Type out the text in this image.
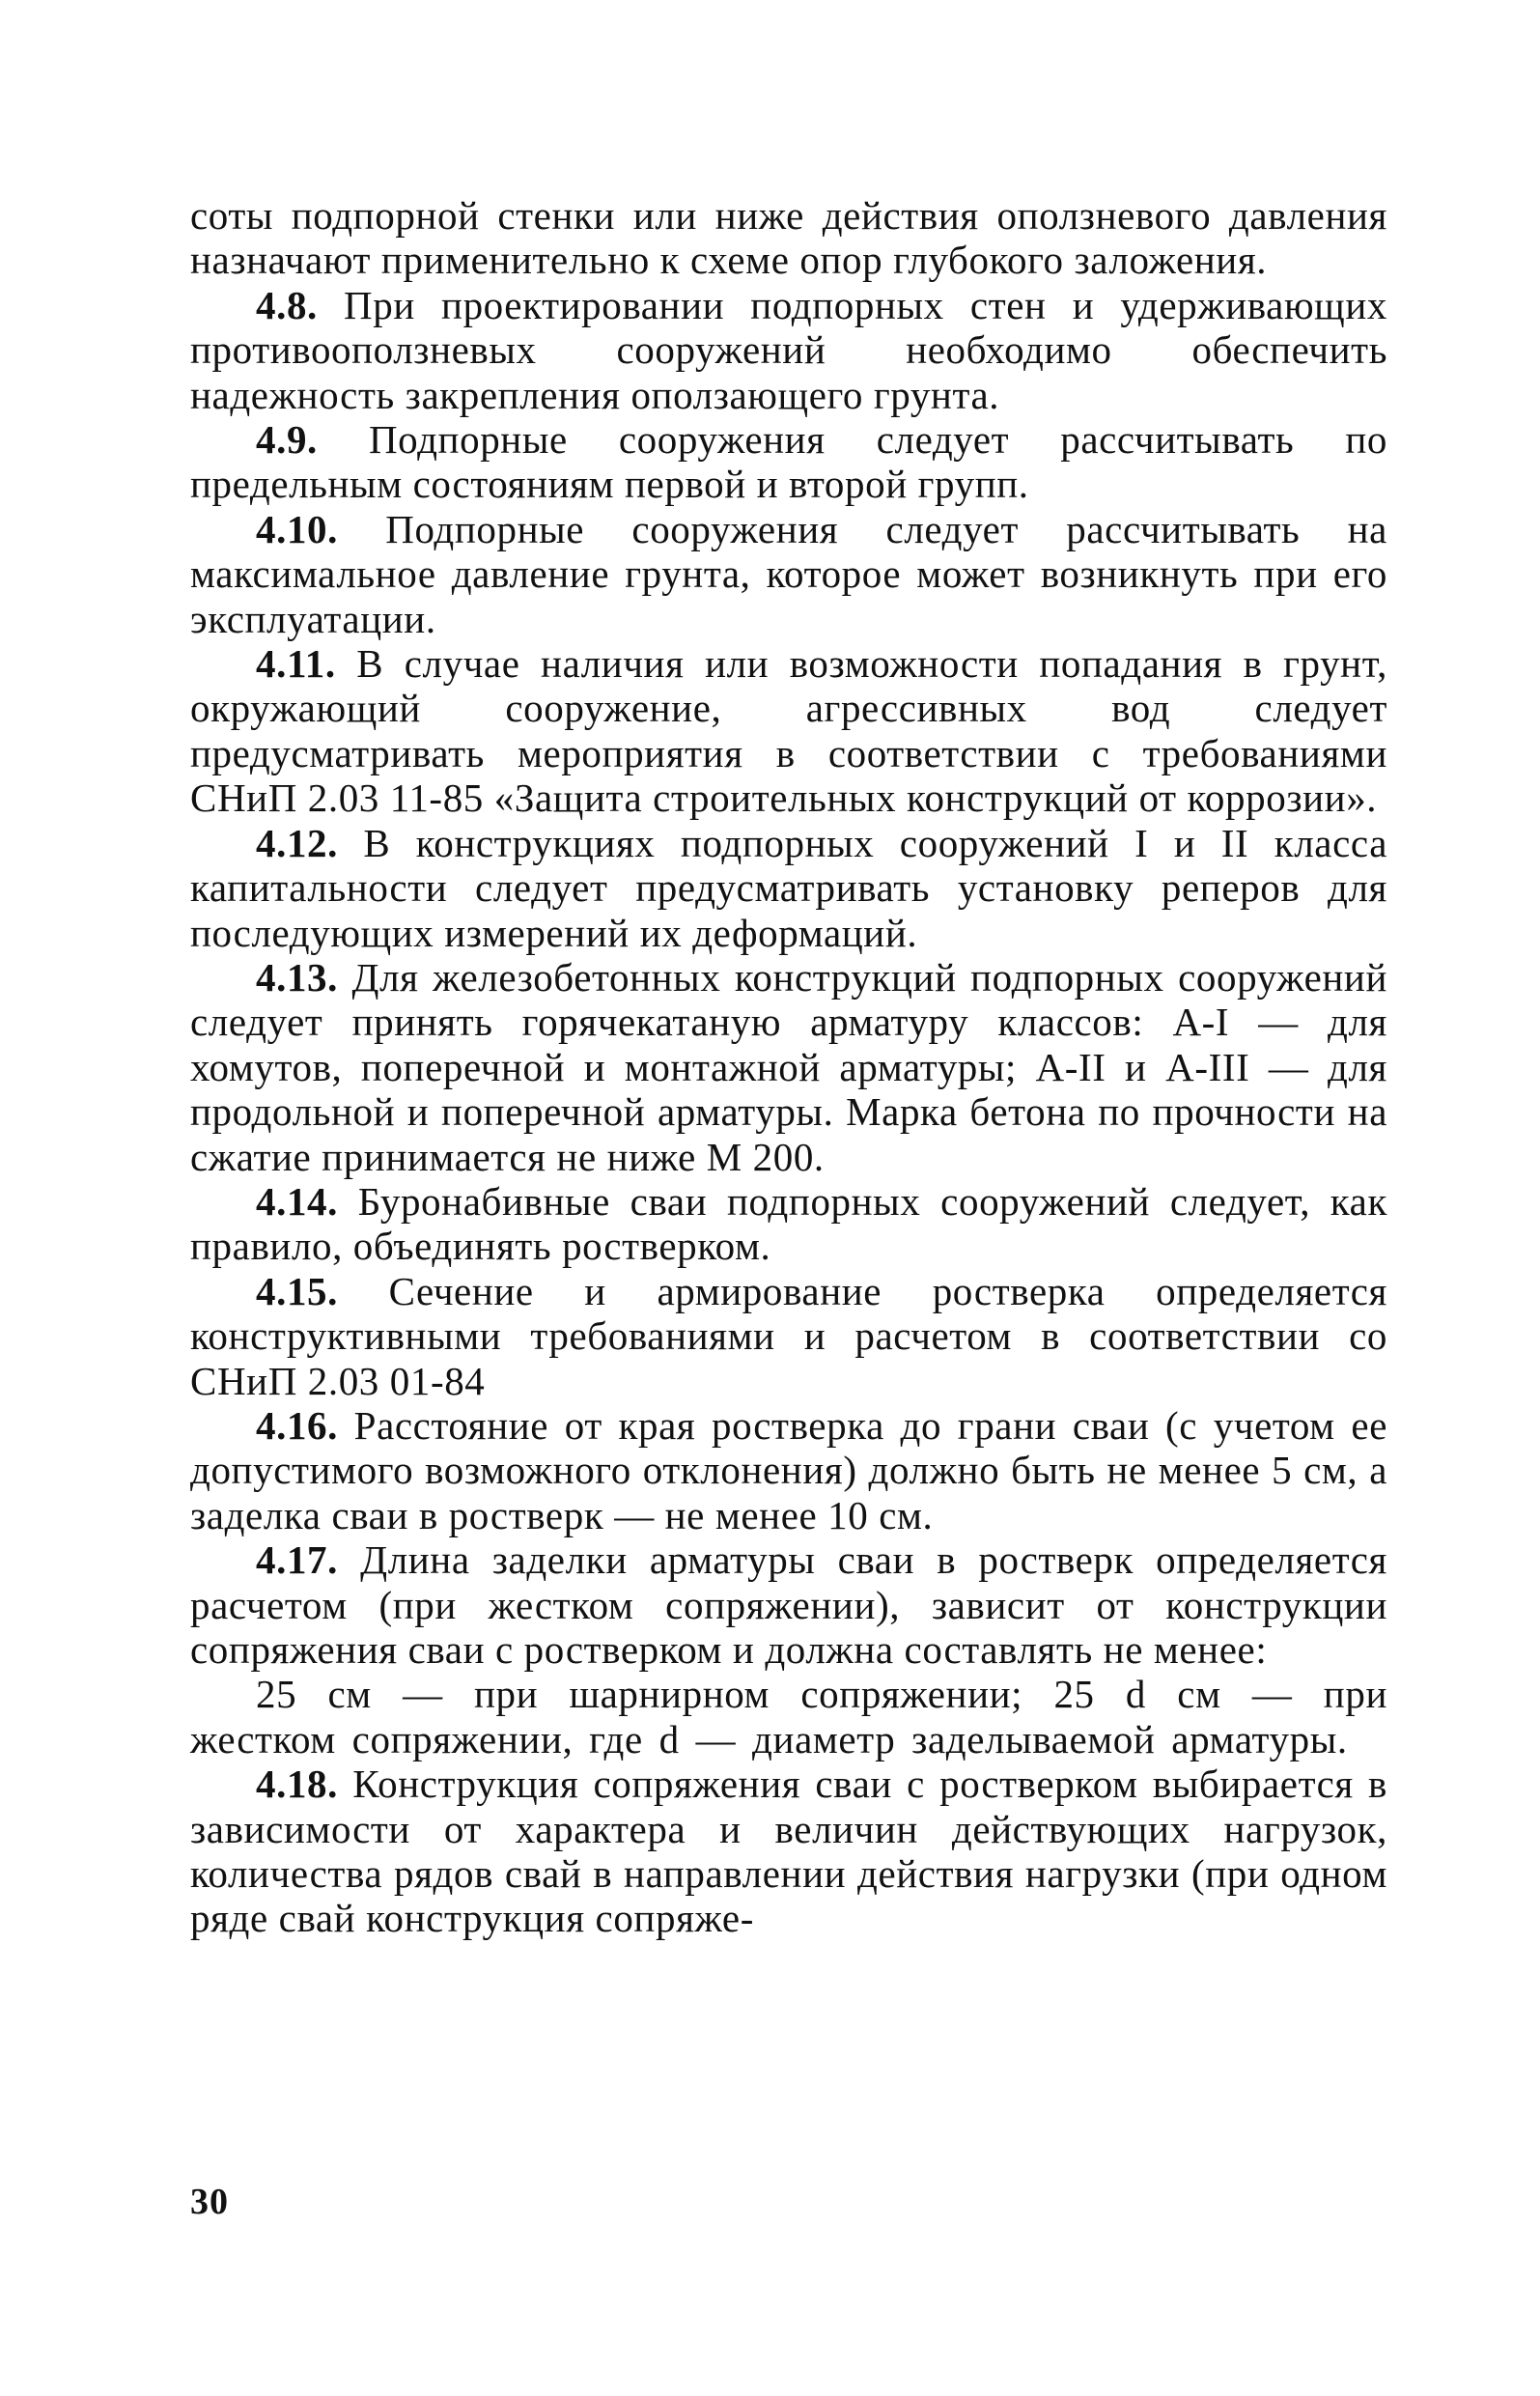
соты подпорной стенки или ниже действия оползневого давления назначают применительно к схеме опор глубокого заложения.

4.8. При проектировании подпорных стен и удерживающих противооползневых сооружений необходимо обеспечить надежность закрепления оползающего грунта.

4.9. Подпорные сооружения следует рассчитывать по предельным состояниям первой и второй групп.

4.10. Подпорные сооружения следует рассчитывать на максимальное давление грунта, которое может возникнуть при его эксплуатации.

4.11. В случае наличия или возможности попадания в грунт, окружающий сооружение, агрессивных вод следует предусматривать мероприятия в соответствии с требованиями СНиП 2.03 11-85 «Защита строительных конструкций от коррозии».

4.12. В конструкциях подпорных сооружений I и II класса капитальности следует предусматривать установку реперов для последующих измерений их деформаций.

4.13. Для железобетонных конструкций подпорных сооружений следует принять горячекатаную арматуру классов: А-I — для хомутов, поперечной и монтажной арматуры; А-II и А-III — для продольной и поперечной арматуры. Марка бетона по прочности на сжатие принимается не ниже М 200.

4.14. Буронабивные сваи подпорных сооружений следует, как правило, объединять ростверком.

4.15. Сечение и армирование ростверка определяется конструктивными требованиями и расчетом в соответствии со СНиП 2.03 01-84

4.16. Расстояние от края ростверка до грани сваи (с учетом ее допустимого возможного отклонения) должно быть не менее 5 см, а заделка сваи в ростверк — не менее 10 см.

4.17. Длина заделки арматуры сваи в ростверк определяется расчетом (при жестком сопряжении), зависит от конструкции сопряжения сваи с ростверком и должна составлять не менее:

25 см — при шарнирном сопряжении; 25 d см — при жестком сопряжении, где d — диаметр заделываемой арматуры.

4.18. Конструкция сопряжения сваи с ростверком выбирается в зависимости от характера и величин действующих нагрузок, количества рядов свай в направлении действия нагрузки (при одном ряде свай конструкция сопряже-

30
